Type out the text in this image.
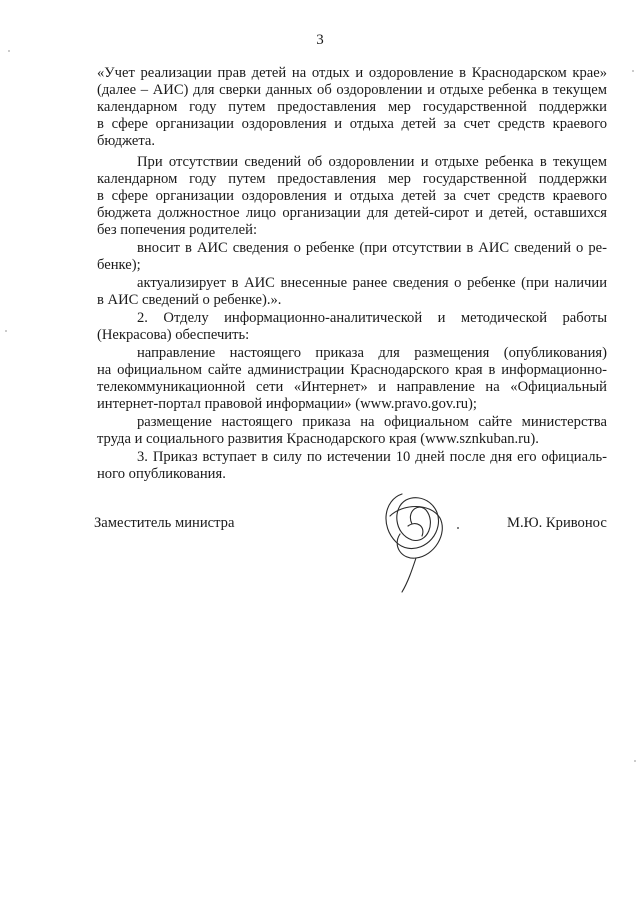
3
«Учет реализации прав детей на отдых и оздоровление в Краснодарском крае»
(далее – АИС) для сверки данных об оздоровлении и отдыхе ребенка в текущем
календарном году путем предоставления мер государственной поддержки
в сфере организации оздоровления и отдыха детей за счет средств краевого
бюджета.
При отсутствии сведений об оздоровлении и отдыхе ребенка в текущем
календарном году путем предоставления мер государственной поддержки
в сфере организации оздоровления и отдыха детей за счет средств краевого
бюджета должностное лицо организации для детей-сирот и детей, оставшихся
без попечения родителей:
вносит в АИС сведения о ребенке (при отсутствии в АИС сведений о ре-
бенке);
актуализирует в АИС внесенные ранее сведения о ребенке (при наличии
в АИС сведений о ребенке).».
2. Отделу информационно-аналитической и методической работы
(Некрасова) обеспечить:
направление настоящего приказа для размещения (опубликования)
на официальном сайте администрации Краснодарского края в информационно-
телекоммуникационной сети «Интернет» и направление на «Официальный
интернет-портал правовой информации» (www.pravo.gov.ru);
размещение настоящего приказа на официальном сайте министерства
труда и социального развития Краснодарского края (www.sznkuban.ru).
3. Приказ вступает в силу по истечении 10 дней после дня его официаль-
ного опубликования.
Заместитель министра	М.Ю. Кривонос
